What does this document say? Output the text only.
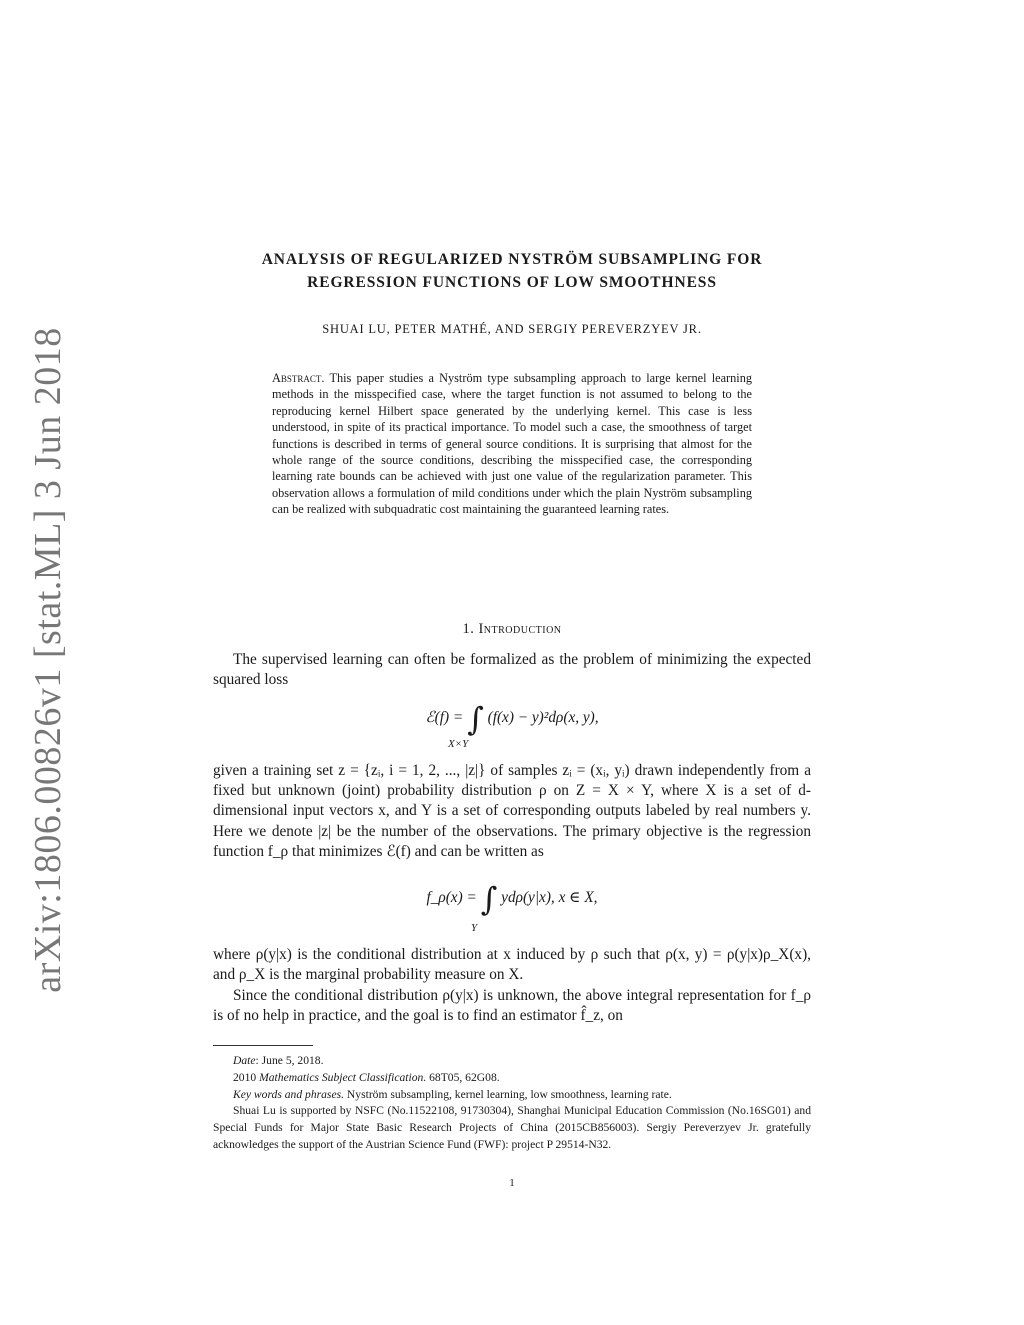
arXiv:1806.00826v1 [stat.ML] 3 Jun 2018
ANALYSIS OF REGULARIZED NYSTRÖM SUBSAMPLING FOR
REGRESSION FUNCTIONS OF LOW SMOOTHNESS
SHUAI LU, PETER MATHÉ, AND SERGIY PEREVERZYEV JR.
Abstract. This paper studies a Nyström type subsampling approach to large kernel learning methods in the misspecified case, where the target function is not assumed to belong to the reproducing kernel Hilbert space generated by the underlying kernel. This case is less understood, in spite of its practical importance. To model such a case, the smoothness of target functions is described in terms of general source conditions. It is surprising that almost for the whole range of the source conditions, describing the misspecified case, the corresponding learning rate bounds can be achieved with just one value of the regularization parameter. This observation allows a formulation of mild conditions under which the plain Nyström subsampling can be realized with subquadratic cost maintaining the guaranteed learning rates.
1. Introduction
The supervised learning can often be formalized as the problem of minimizing the expected squared loss
ℰ(f) = ∫ (f(x) − y)²dρ(x, y),
X×Y
given a training set z = {zᵢ, i = 1, 2, ..., |z|} of samples zᵢ = (xᵢ, yᵢ) drawn independently from a fixed but unknown (joint) probability distribution ρ on Z = X × Y, where X is a set of d-dimensional input vectors x, and Y is a set of corresponding outputs labeled by real numbers y. Here we denote |z| be the number of the observations. The primary objective is the regression function f_ρ that minimizes ℰ(f) and can be written as
f_ρ(x) = ∫ ydρ(y|x), x ∈ X,
Y
where ρ(y|x) is the conditional distribution at x induced by ρ such that ρ(x, y) = ρ(y|x)ρ_X(x), and ρ_X is the marginal probability measure on X.
Since the conditional distribution ρ(y|x) is unknown, the above integral representation for f_ρ is of no help in practice, and the goal is to find an estimator f̂_z, on

Date: June 5, 2018.

2010 Mathematics Subject Classification. 68T05, 62G08.

Key words and phrases. Nyström subsampling, kernel learning, low smoothness, learning rate.

Shuai Lu is supported by NSFC (No.11522108, 91730304), Shanghai Municipal Education Commission (No.16SG01) and Special Funds for Major State Basic Research Projects of China (2015CB856003). Sergiy Pereverzyev Jr. gratefully acknowledges the support of the Austrian Science Fund (FWF): project P 29514-N32.

1
